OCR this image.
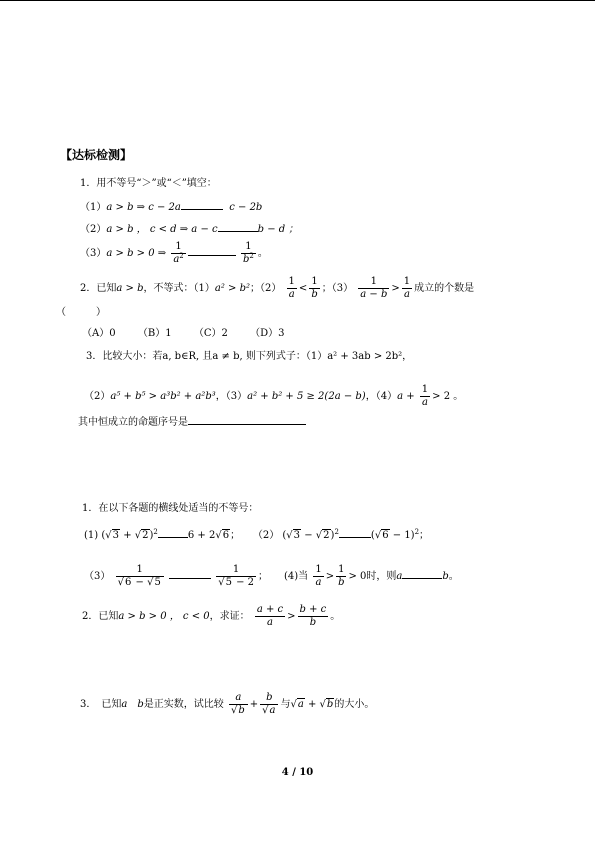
【达标检测】
1．用不等号“＞”或“＜”填空：
（1）a > b ⇒ c − 2a	c − 2b
（2）a > b ， c < d ⇒ a − c	b − d ；
（3）a > b > 0 ⇒ $\frac{1}{a^2}$
	$\frac{1}{b^2}$ 。
2．已知a > b，不等式：（1）a² > b²；$(2) \frac{1}{a} < \frac{1}{b}$ ；$(3) \frac{1}{a - b} > \frac{1}{a}$ 成立的个数是
（　　　）
（A）0 （B）1 （C）2 （D）3
3．比较大小：若a, b∈R, 且a ≠ b, 则下列式子：（1）a² + 3ab > 2b²，
（2）a⁵ + b⁵ > a³b² + a²b³，（3）a² + b² + 5 ≥ 2(2a − b)，$(4)a + \frac{1}{a} > 2$ 。
其中恒成立的命题序号是
1．在以下各题的横线处适当的不等号：
(1) $(√3 + √2)^2$	6 + 2√6； （2） $(√3 - √2)^2$	$(√6 - 1)^2$；
$(3) \frac{1}{√6 - √5}$
	$\frac{1}{√5 - 2}$ ； (4)当 $\frac{1}{a} > \frac{1}{b} > 0$时，则a	b。
2．已知a > b > 0 ， c < 0，求证： $\frac{a + c}{a} > \frac{b + c}{b}$ 。
3．　已知a　b是正实数，试比较 $\frac{a}{√b} + \frac{b}{√a}$ 与√a + √b的大小。
4 / 10
